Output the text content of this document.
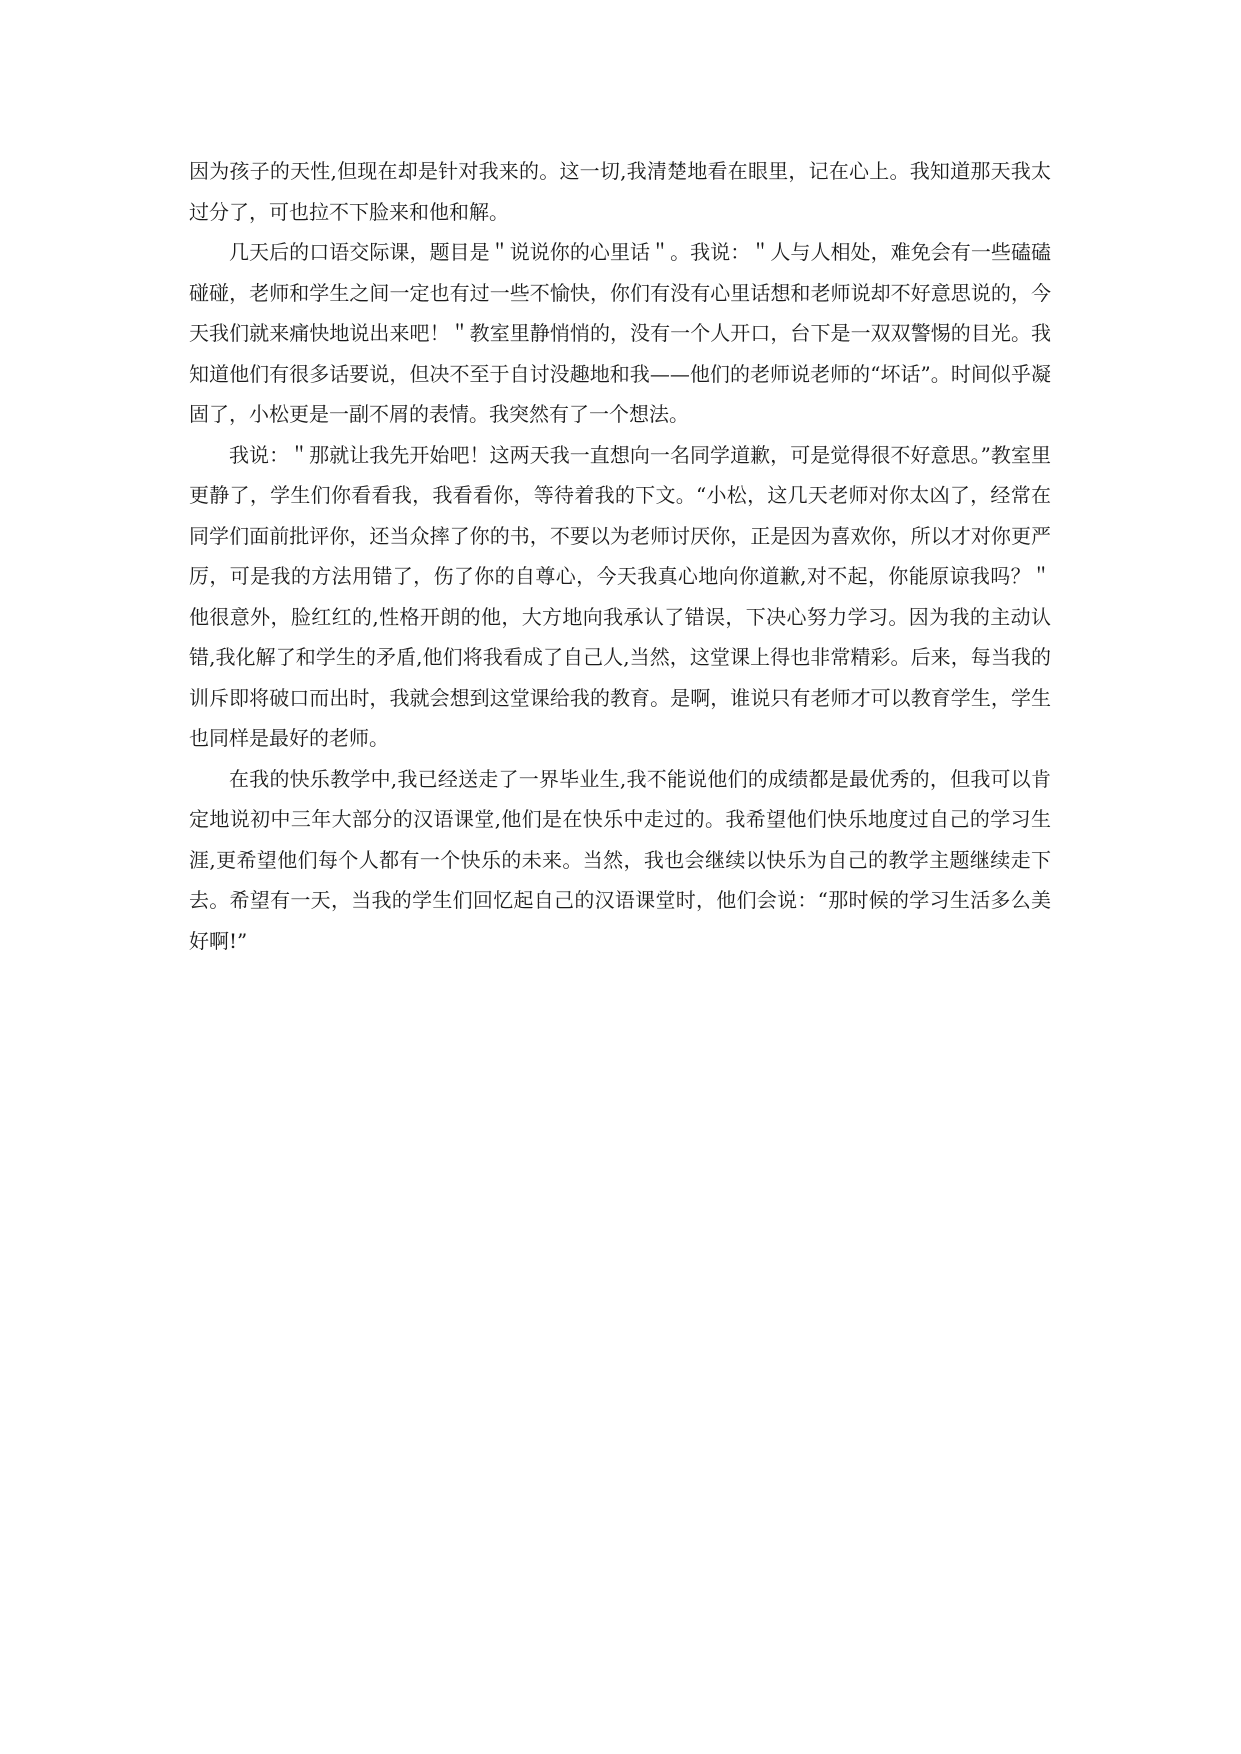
因为孩子的天性,但现在却是针对我来的。这一切,我清楚地看在眼里，记在心上。我知道那天我太过分了，可也拉不下脸来和他和解。

几天后的口语交际课，题目是＂说说你的心里话＂。我说：＂人与人相处，难免会有一些磕磕碰碰，老师和学生之间一定也有过一些不愉快，你们有没有心里话想和老师说却不好意思说的，今天我们就来痛快地说出来吧！＂教室里静悄悄的，没有一个人开口，台下是一双双警惕的目光。我知道他们有很多话要说，但决不至于自讨没趣地和我——他们的老师说老师的“坏话”。时间似乎凝固了，小松更是一副不屑的表情。我突然有了一个想法。

我说：＂那就让我先开始吧！这两天我一直想向一名同学道歉，可是觉得很不好意思。”教室里更静了，学生们你看看我，我看看你，等待着我的下文。“小松，这几天老师对你太凶了，经常在同学们面前批评你，还当众摔了你的书，不要以为老师讨厌你，正是因为喜欢你，所以才对你更严厉，可是我的方法用错了，伤了你的自尊心，今天我真心地向你道歉,对不起，你能原谅我吗？＂他很意外，脸红红的,性格开朗的他，大方地向我承认了错误，下决心努力学习。因为我的主动认错,我化解了和学生的矛盾,他们将我看成了自己人,当然，这堂课上得也非常精彩。后来，每当我的训斥即将破口而出时，我就会想到这堂课给我的教育。是啊，谁说只有老师才可以教育学生，学生也同样是最好的老师。

在我的快乐教学中,我已经送走了一界毕业生,我不能说他们的成绩都是最优秀的，但我可以肯定地说初中三年大部分的汉语课堂,他们是在快乐中走过的。我希望他们快乐地度过自己的学习生涯,更希望他们每个人都有一个快乐的未来。当然，我也会继续以快乐为自己的教学主题继续走下去。希望有一天，当我的学生们回忆起自己的汉语课堂时，他们会说：“那时候的学习生活多么美好啊!”
